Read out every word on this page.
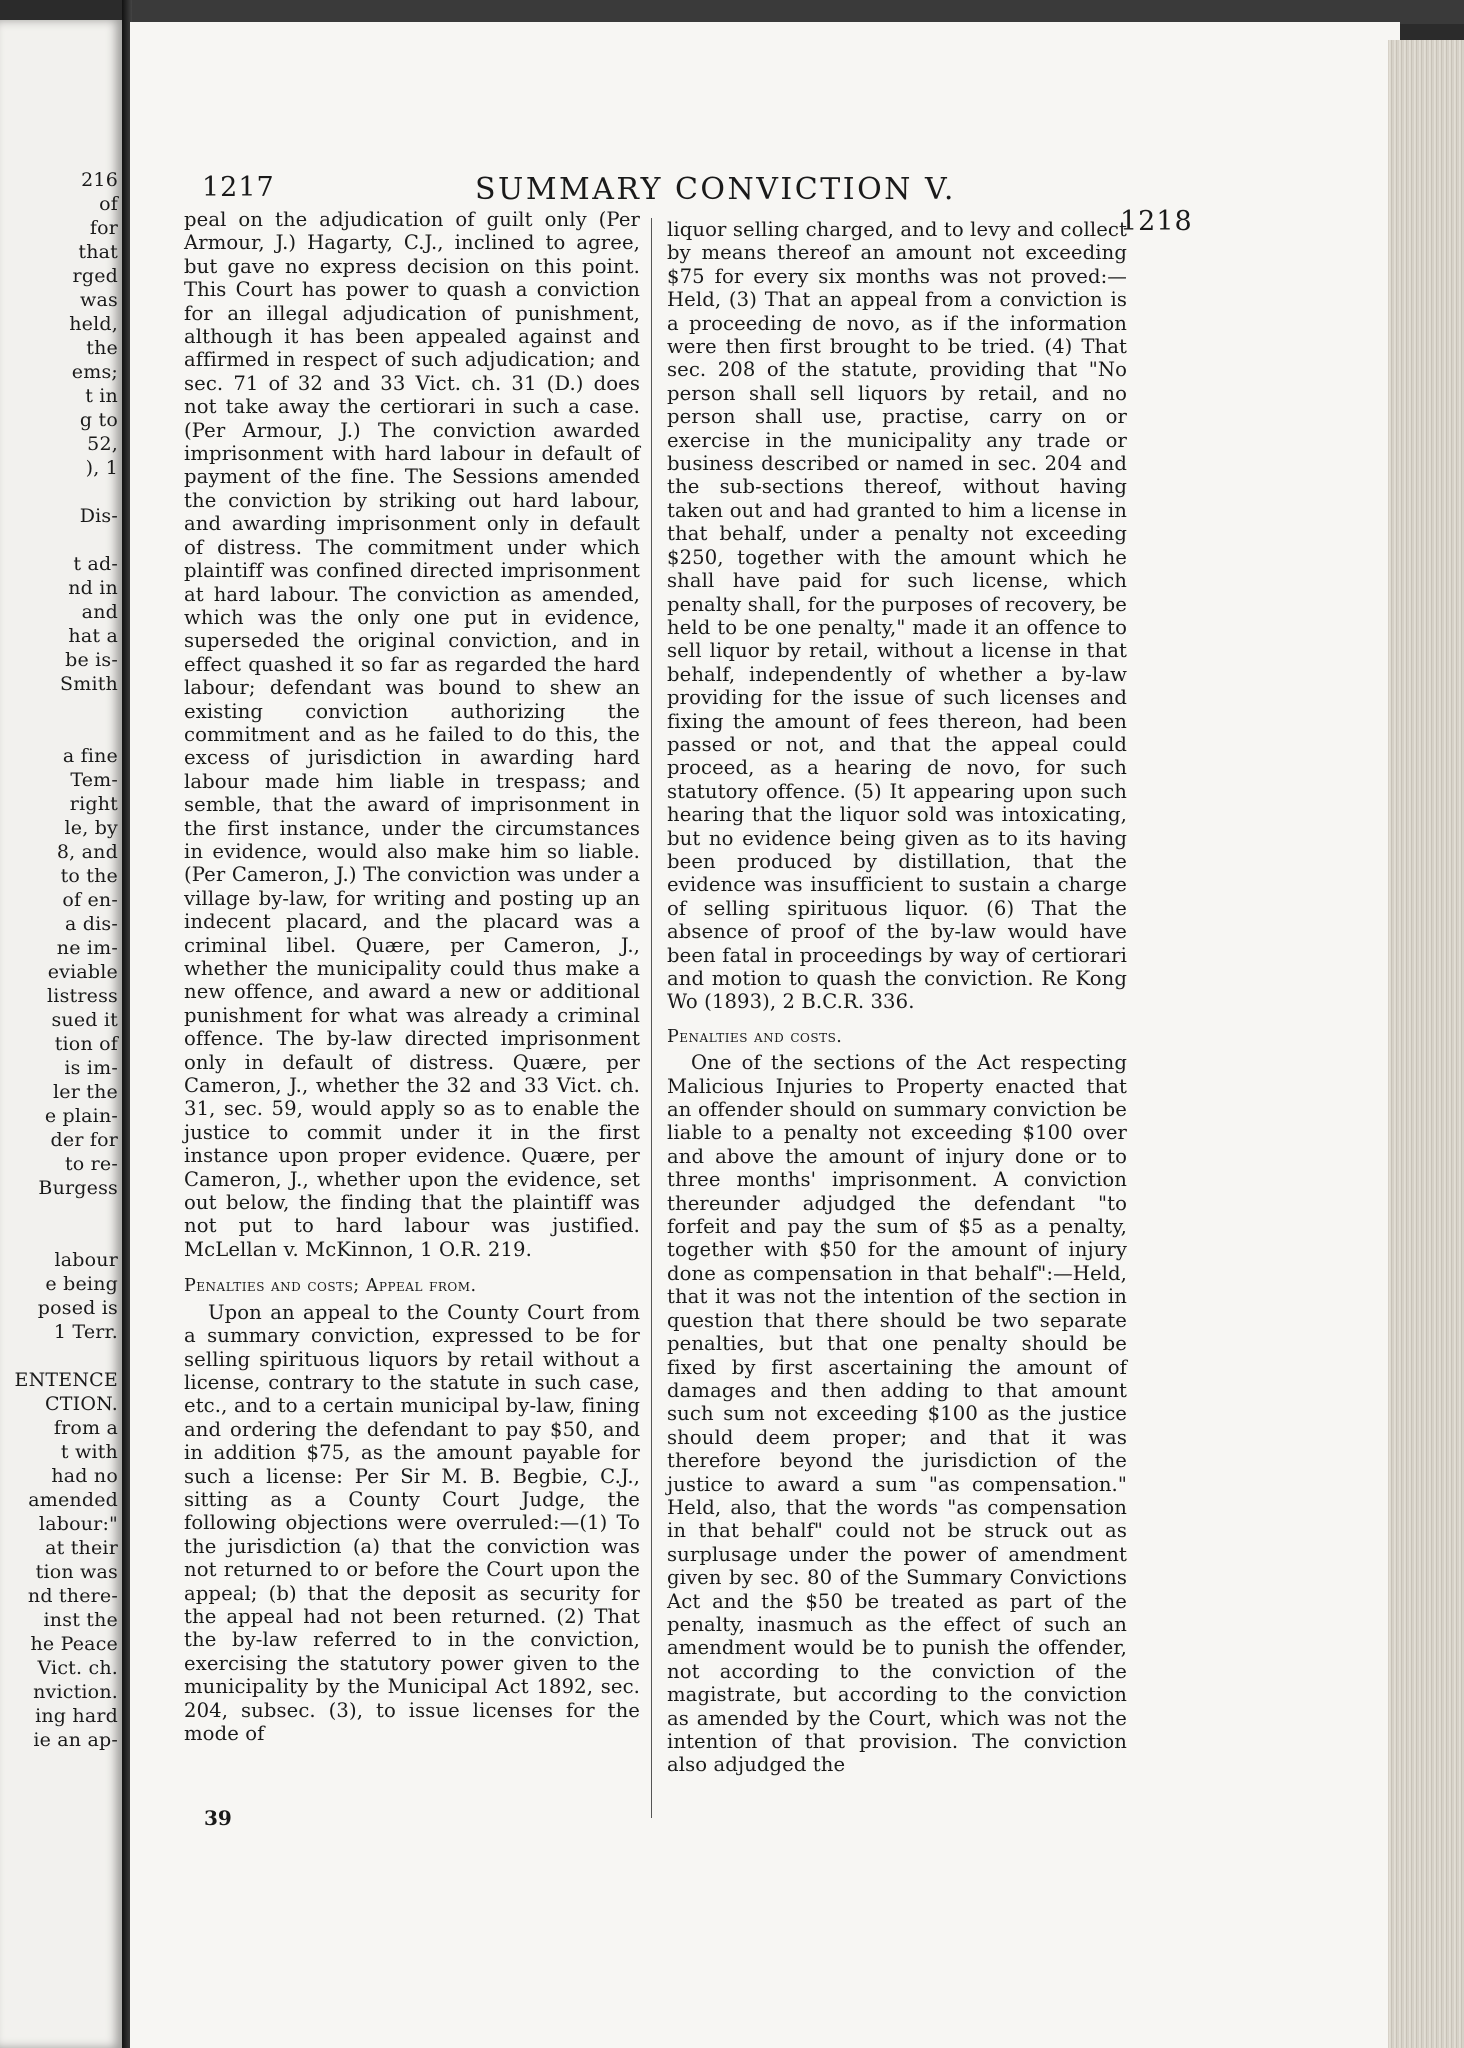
216
of
for
that
rged
was
held,
the
ems;
t in
g to
52,
), 1
Dis-
t ad-
nd in
and
hat a
be is-
Smith
a fine
Tem-
right
le, by
8, and
to the
of en-
a dis-
ne im-
eviable
listress
sued it
tion of
is im-
ler the
e plain-
der for
to re-
Burgess
labour
e being
posed is
1 Terr.
ENTENCE
CTION.
from a
t with
had no
amended
labour:"
at their
tion was
nd there-
inst the
he Peace
Vict. ch.
nviction.
ing hard
ie an ap-
1217	SUMMARY CONVICTION V.
1218

peal on the adjudication of guilt only (Per Armour, J.) Hagarty, C.J., inclined to agree, but gave no express decision on this point. This Court has power to quash a conviction for an illegal adjudication of punishment, although it has been appealed against and affirmed in respect of such adjudication; and sec. 71 of 32 and 33 Vict. ch. 31 (D.) does not take away the certiorari in such a case. (Per Armour, J.) The conviction awarded imprisonment with hard labour in default of payment of the fine. The Sessions amended the conviction by striking out hard labour, and awarding imprisonment only in default of distress. The commitment under which plaintiff was confined directed imprisonment at hard labour. The conviction as amended, which was the only one put in evidence, superseded the original conviction, and in effect quashed it so far as regarded the hard labour; defendant was bound to shew an existing conviction authorizing the commitment and as he failed to do this, the excess of jurisdiction in awarding hard labour made him liable in trespass; and semble, that the award of imprisonment in the first instance, under the circumstances in evidence, would also make him so liable. (Per Cameron, J.) The conviction was under a village by-law, for writing and posting up an indecent placard, and the placard was a criminal libel. Quære, per Cameron, J., whether the municipality could thus make a new offence, and award a new or additional punishment for what was already a criminal offence. The by-law directed imprisonment only in default of distress. Quære, per Cameron, J., whether the 32 and 33 Vict. ch. 31, sec. 59, would apply so as to enable the justice to commit under it in the first instance upon proper evidence. Quære, per Cameron, J., whether upon the evidence, set out below, the finding that the plaintiff was not put to hard labour was justified. McLellan v. McKinnon, 1 O.R. 219.

Penalties and costs; Appeal from.

Upon an appeal to the County Court from a summary conviction, expressed to be for selling spirituous liquors by retail without a license, contrary to the statute in such case, etc., and to a certain municipal by-law, fining and ordering the defendant to pay $50, and in addition $75, as the amount payable for such a license: Per Sir M. B. Begbie, C.J., sitting as a County Court Judge, the following objections were overruled:—(1) To the jurisdiction (a) that the conviction was not returned to or before the Court upon the appeal; (b) that the deposit as security for the appeal had not been returned. (2) That the by-law referred to in the conviction, exercising the statutory power given to the municipality by the Municipal Act 1892, sec. 204, subsec. (3), to issue licenses for the mode of

liquor selling charged, and to levy and collect by means thereof an amount not exceeding $75 for every six months was not proved:—Held, (3) That an appeal from a conviction is a proceeding de novo, as if the information were then first brought to be tried. (4) That sec. 208 of the statute, providing that "No person shall sell liquors by retail, and no person shall use, practise, carry on or exercise in the municipality any trade or business described or named in sec. 204 and the sub-sections thereof, without having taken out and had granted to him a license in that behalf, under a penalty not exceeding $250, together with the amount which he shall have paid for such license, which penalty shall, for the purposes of recovery, be held to be one penalty," made it an offence to sell liquor by retail, without a license in that behalf, independently of whether a by-law providing for the issue of such licenses and fixing the amount of fees thereon, had been passed or not, and that the appeal could proceed, as a hearing de novo, for such statutory offence. (5) It appearing upon such hearing that the liquor sold was intoxicating, but no evidence being given as to its having been produced by distillation, that the evidence was insufficient to sustain a charge of selling spirituous liquor. (6) That the absence of proof of the by-law would have been fatal in proceedings by way of certiorari and motion to quash the conviction. Re Kong Wo (1893), 2 B.C.R. 336.

Penalties and costs.

One of the sections of the Act respecting Malicious Injuries to Property enacted that an offender should on summary conviction be liable to a penalty not exceeding $100 over and above the amount of injury done or to three months' imprisonment. A conviction thereunder adjudged the defendant "to forfeit and pay the sum of $5 as a penalty, together with $50 for the amount of injury done as compensation in that behalf":—Held, that it was not the intention of the section in question that there should be two separate penalties, but that one penalty should be fixed by first ascertaining the amount of damages and then adding to that amount such sum not exceeding $100 as the justice should deem proper; and that it was therefore beyond the jurisdiction of the justice to award a sum "as compensation." Held, also, that the words "as compensation in that behalf" could not be struck out as surplusage under the power of amendment given by sec. 80 of the Summary Convictions Act and the $50 be treated as part of the penalty, inasmuch as the effect of such an amendment would be to punish the offender, not according to the conviction of the magistrate, but according to the conviction as amended by the Court, which was not the intention of that provision. The conviction also adjudged the

39
